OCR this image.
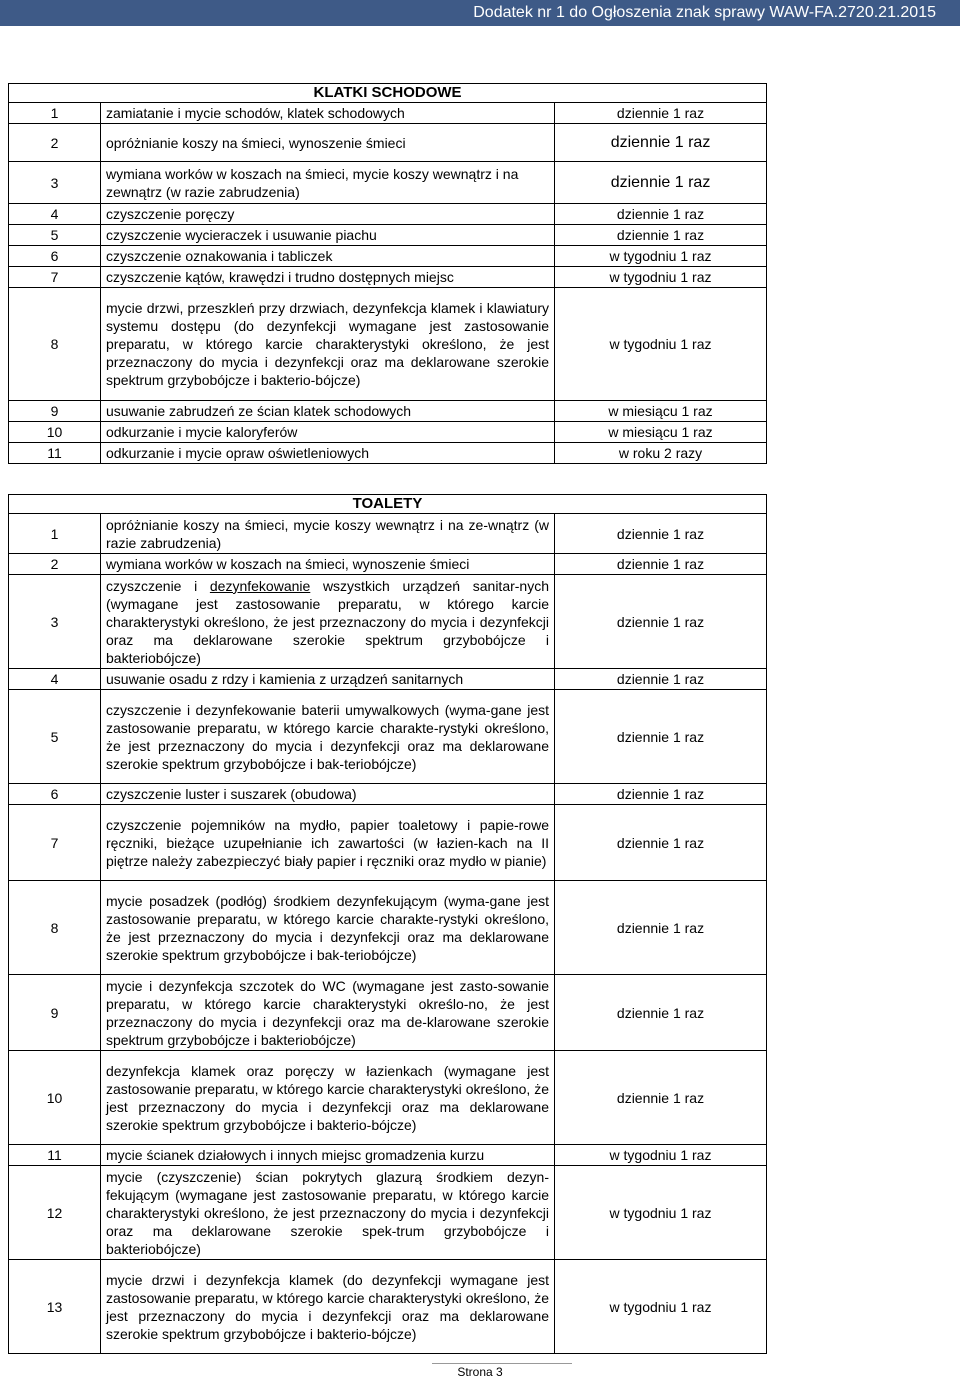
Dodatek nr 1 do Ogłoszenia znak sprawy WAW-FA.2720.21.2015
KLATKI SCHODOWE		
1	zamiatanie i mycie schodów, klatek schodowych	dziennie 1 raz
2	opróżnianie koszy na śmieci, wynoszenie śmieci	dziennie 1 raz
3	wymiana worków w koszach na śmieci, mycie koszy wewnątrz i na zewnątrz (w razie zabrudzenia)	dziennie 1 raz
4	czyszczenie poręczy	dziennie 1 raz
5	czyszczenie wycieraczek i usuwanie piachu	dziennie 1 raz
6	czyszczenie oznakowania i tabliczek	w tygodniu 1 raz
7	czyszczenie kątów, krawędzi i trudno dostępnych miejsc	w tygodniu 1 raz
8	mycie drzwi, przeszkleń przy drzwiach, dezynfekcja klamek i klawiatury systemu dostępu (do dezynfekcji wymagane jest zastosowanie preparatu, w którego karcie charakterystyki określono, że jest przeznaczony do mycia i dezynfekcji oraz ma deklarowane szerokie spektrum grzybobójcze i bakterio-bójcze)	w tygodniu 1 raz
9	usuwanie zabrudzeń ze ścian klatek schodowych	w miesiącu 1 raz
10	odkurzanie i mycie kaloryferów	w miesiącu 1 raz
11	odkurzanie i mycie opraw oświetleniowych	w roku 2 razy
TOALETY		
1	opróżnianie koszy na śmieci, mycie koszy wewnątrz i na ze-wnątrz (w razie zabrudzenia)	dziennie 1 raz
2	wymiana worków w koszach na śmieci, wynoszenie śmieci	dziennie 1 raz
3	czyszczenie i dezynfekowanie wszystkich urządzeń sanitar-nych (wymagane jest zastosowanie preparatu, w którego karcie charakterystyki określono, że jest przeznaczony do mycia i dezynfekcji oraz ma deklarowane szerokie spektrum grzybobójcze i bakteriobójcze)	dziennie 1 raz
4	usuwanie osadu z rdzy i kamienia z urządzeń sanitarnych	dziennie 1 raz
5	czyszczenie i dezynfekowanie baterii umywalkowych (wyma-gane jest zastosowanie preparatu, w którego karcie charakte-rystyki określono, że jest przeznaczony do mycia i dezynfekcji oraz ma deklarowane szerokie spektrum grzybobójcze i bak-teriobójcze)	dziennie 1 raz
6	czyszczenie luster i suszarek (obudowa)	dziennie 1 raz
7	czyszczenie pojemników na mydło, papier toaletowy i papie-rowe ręczniki, bieżące uzupełnianie ich zawartości (w łazien-kach na II piętrze należy zabezpieczyć biały papier i ręczniki oraz mydło w pianie)	dziennie 1 raz
8	mycie posadzek (podłóg) środkiem dezynfekującym (wyma-gane jest zastosowanie preparatu, w którego karcie charakte-rystyki określono, że jest przeznaczony do mycia i dezynfekcji oraz ma deklarowane szerokie spektrum grzybobójcze i bak-teriobójcze)	dziennie 1 raz
9	mycie i dezynfekcja szczotek do WC (wymagane jest zasto-sowanie preparatu, w którego karcie charakterystyki określo-no, że jest przeznaczony do mycia i dezynfekcji oraz ma de-klarowane szerokie spektrum grzybobójcze i bakteriobójcze)	dziennie 1 raz
10	dezynfekcja klamek oraz poręczy w łazienkach (wymagane jest zastosowanie preparatu, w którego karcie charakterystyki określono, że jest przeznaczony do mycia i dezynfekcji oraz ma deklarowane szerokie spektrum grzybobójcze i bakterio-bójcze)	dziennie 1 raz
11	mycie ścianek działowych i innych miejsc gromadzenia kurzu	w tygodniu 1 raz
12	mycie (czyszczenie) ścian pokrytych glazurą środkiem dezyn-fekującym (wymagane jest zastosowanie preparatu, w którego karcie charakterystyki określono, że jest przeznaczony do mycia i dezynfekcji oraz ma deklarowane szerokie spek-trum grzybobójcze i bakteriobójcze)	w tygodniu 1 raz
13	mycie drzwi i dezynfekcja klamek (do dezynfekcji wymagane jest zastosowanie preparatu, w którego karcie charakterystyki określono, że jest przeznaczony do mycia i dezynfekcji oraz ma deklarowane szerokie spektrum grzybobójcze i bakterio-bójcze)	w tygodniu 1 raz
Strona 3
